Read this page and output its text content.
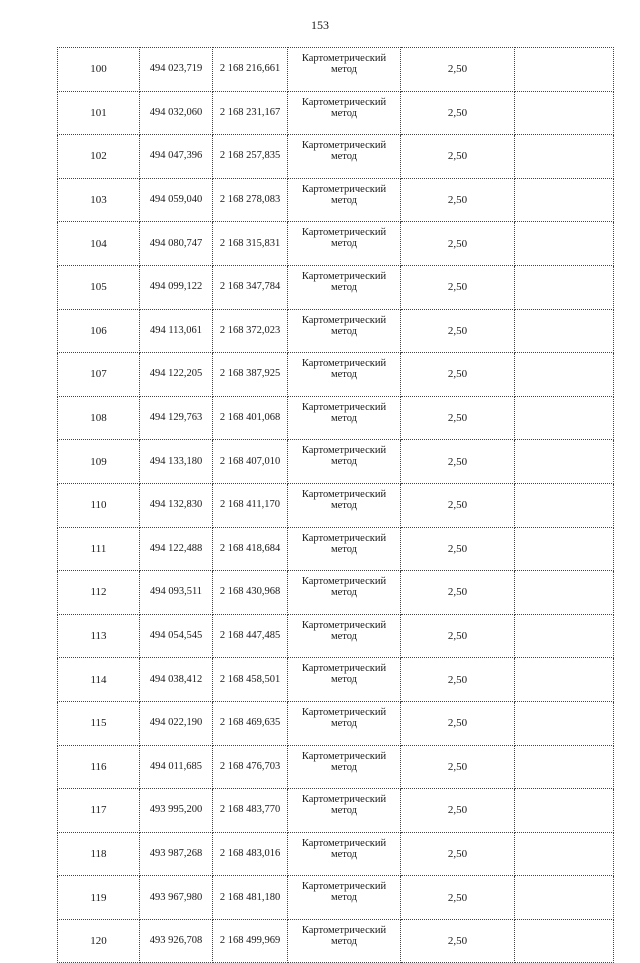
153
100	494 023,719	2 168 216,661	Картометрический метод	2,50	
101	494 032,060	2 168 231,167	Картометрический метод	2,50	
102	494 047,396	2 168 257,835	Картометрический метод	2,50	
103	494 059,040	2 168 278,083	Картометрический метод	2,50	
104	494 080,747	2 168 315,831	Картометрический метод	2,50	
105	494 099,122	2 168 347,784	Картометрический метод	2,50	
106	494 113,061	2 168 372,023	Картометрический метод	2,50	
107	494 122,205	2 168 387,925	Картометрический метод	2,50	
108	494 129,763	2 168 401,068	Картометрический метод	2,50	
109	494 133,180	2 168 407,010	Картометрический метод	2,50	
110	494 132,830	2 168 411,170	Картометрический метод	2,50	
111	494 122,488	2 168 418,684	Картометрический метод	2,50	
112	494 093,511	2 168 430,968	Картометрический метод	2,50	
113	494 054,545	2 168 447,485	Картометрический метод	2,50	
114	494 038,412	2 168 458,501	Картометрический метод	2,50	
115	494 022,190	2 168 469,635	Картометрический метод	2,50	
116	494 011,685	2 168 476,703	Картометрический метод	2,50	
117	493 995,200	2 168 483,770	Картометрический метод	2,50	
118	493 987,268	2 168 483,016	Картометрический метод	2,50	
119	493 967,980	2 168 481,180	Картометрический метод	2,50	
120	493 926,708	2 168 499,969	Картометрический метод	2,50	
